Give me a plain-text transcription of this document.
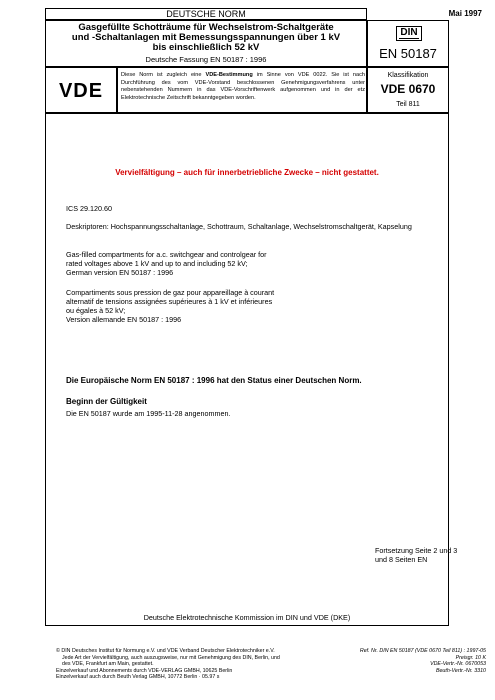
DEUTSCHE NORM	Mai 1997
Gasgefüllte Schotträume für Wechselstrom-Schaltgeräte
und -Schaltanlagen mit Bemessungsspannungen über 1 kV
bis einschließlich 52 kV
Deutsche Fassung EN 50187 : 1996
DIN
EN 50187
VDE
Diese Norm ist zugleich eine VDE-Bestimmung im Sinne von VDE 0022. Sie ist nach Durchführung des vom VDE-Vorstand beschlossenen Genehmigungsverfahrens unter nebenstehenden Nummern in das VDE-Vorschriftenwerk aufgenommen und in der etz Elektrotechnische Zeitschrift bekanntgegeben worden.
Klassifikation
VDE 0670
Teil 811
Vervielfältigung – auch für innerbetriebliche Zwecke – nicht gestattet.
ICS 29.120.60
Deskriptoren: Hochspannungsschaltanlage, Schottraum, Schaltanlage, Wechselstromschaltgerät, Kapselung
Gas-filled compartments for a.c. switchgear and controlgear for
rated voltages above 1 kV and up to and including 52 kV;
German version EN 50187 : 1996
Compartiments sous pression de gaz pour appareillage à courant
alternatif de tensions assignées supérieures à 1 kV et inférieures
ou égales à 52 kV;
Version allemande EN 50187 : 1996
Die Europäische Norm EN 50187 : 1996 hat den Status einer Deutschen Norm.
Beginn der Gültigkeit
Die EN 50187 wurde am 1995-11-28 angenommen.
Fortsetzung Seite 2 und 3
und 8 Seiten EN
Deutsche Elektrotechnische Kommission im DIN und VDE (DKE)
© DIN Deutsches Institut für Normung e.V. und VDE Verband Deutscher Elektrotechniker e.V.
Jede Art der Vervielfältigung, auch auszugsweise, nur mit Genehmigung des DIN, Berlin, und
des VDE, Frankfurt am Main, gestattet.
Einzelverkauf und Abonnements durch VDE-VERLAG GMBH, 10625 Berlin
Einzelverkauf auch durch Beuth Verlag GMBH, 10772 Berlin · 05.97 s
Ref. Nr. DIN EN 50187 (VDE 0670 Teil 811) : 1997-05
Preisgr. 10 K
VDE-Vertr.-Nr. 0670053
Beuth-Vertr.-Nr. 3310
